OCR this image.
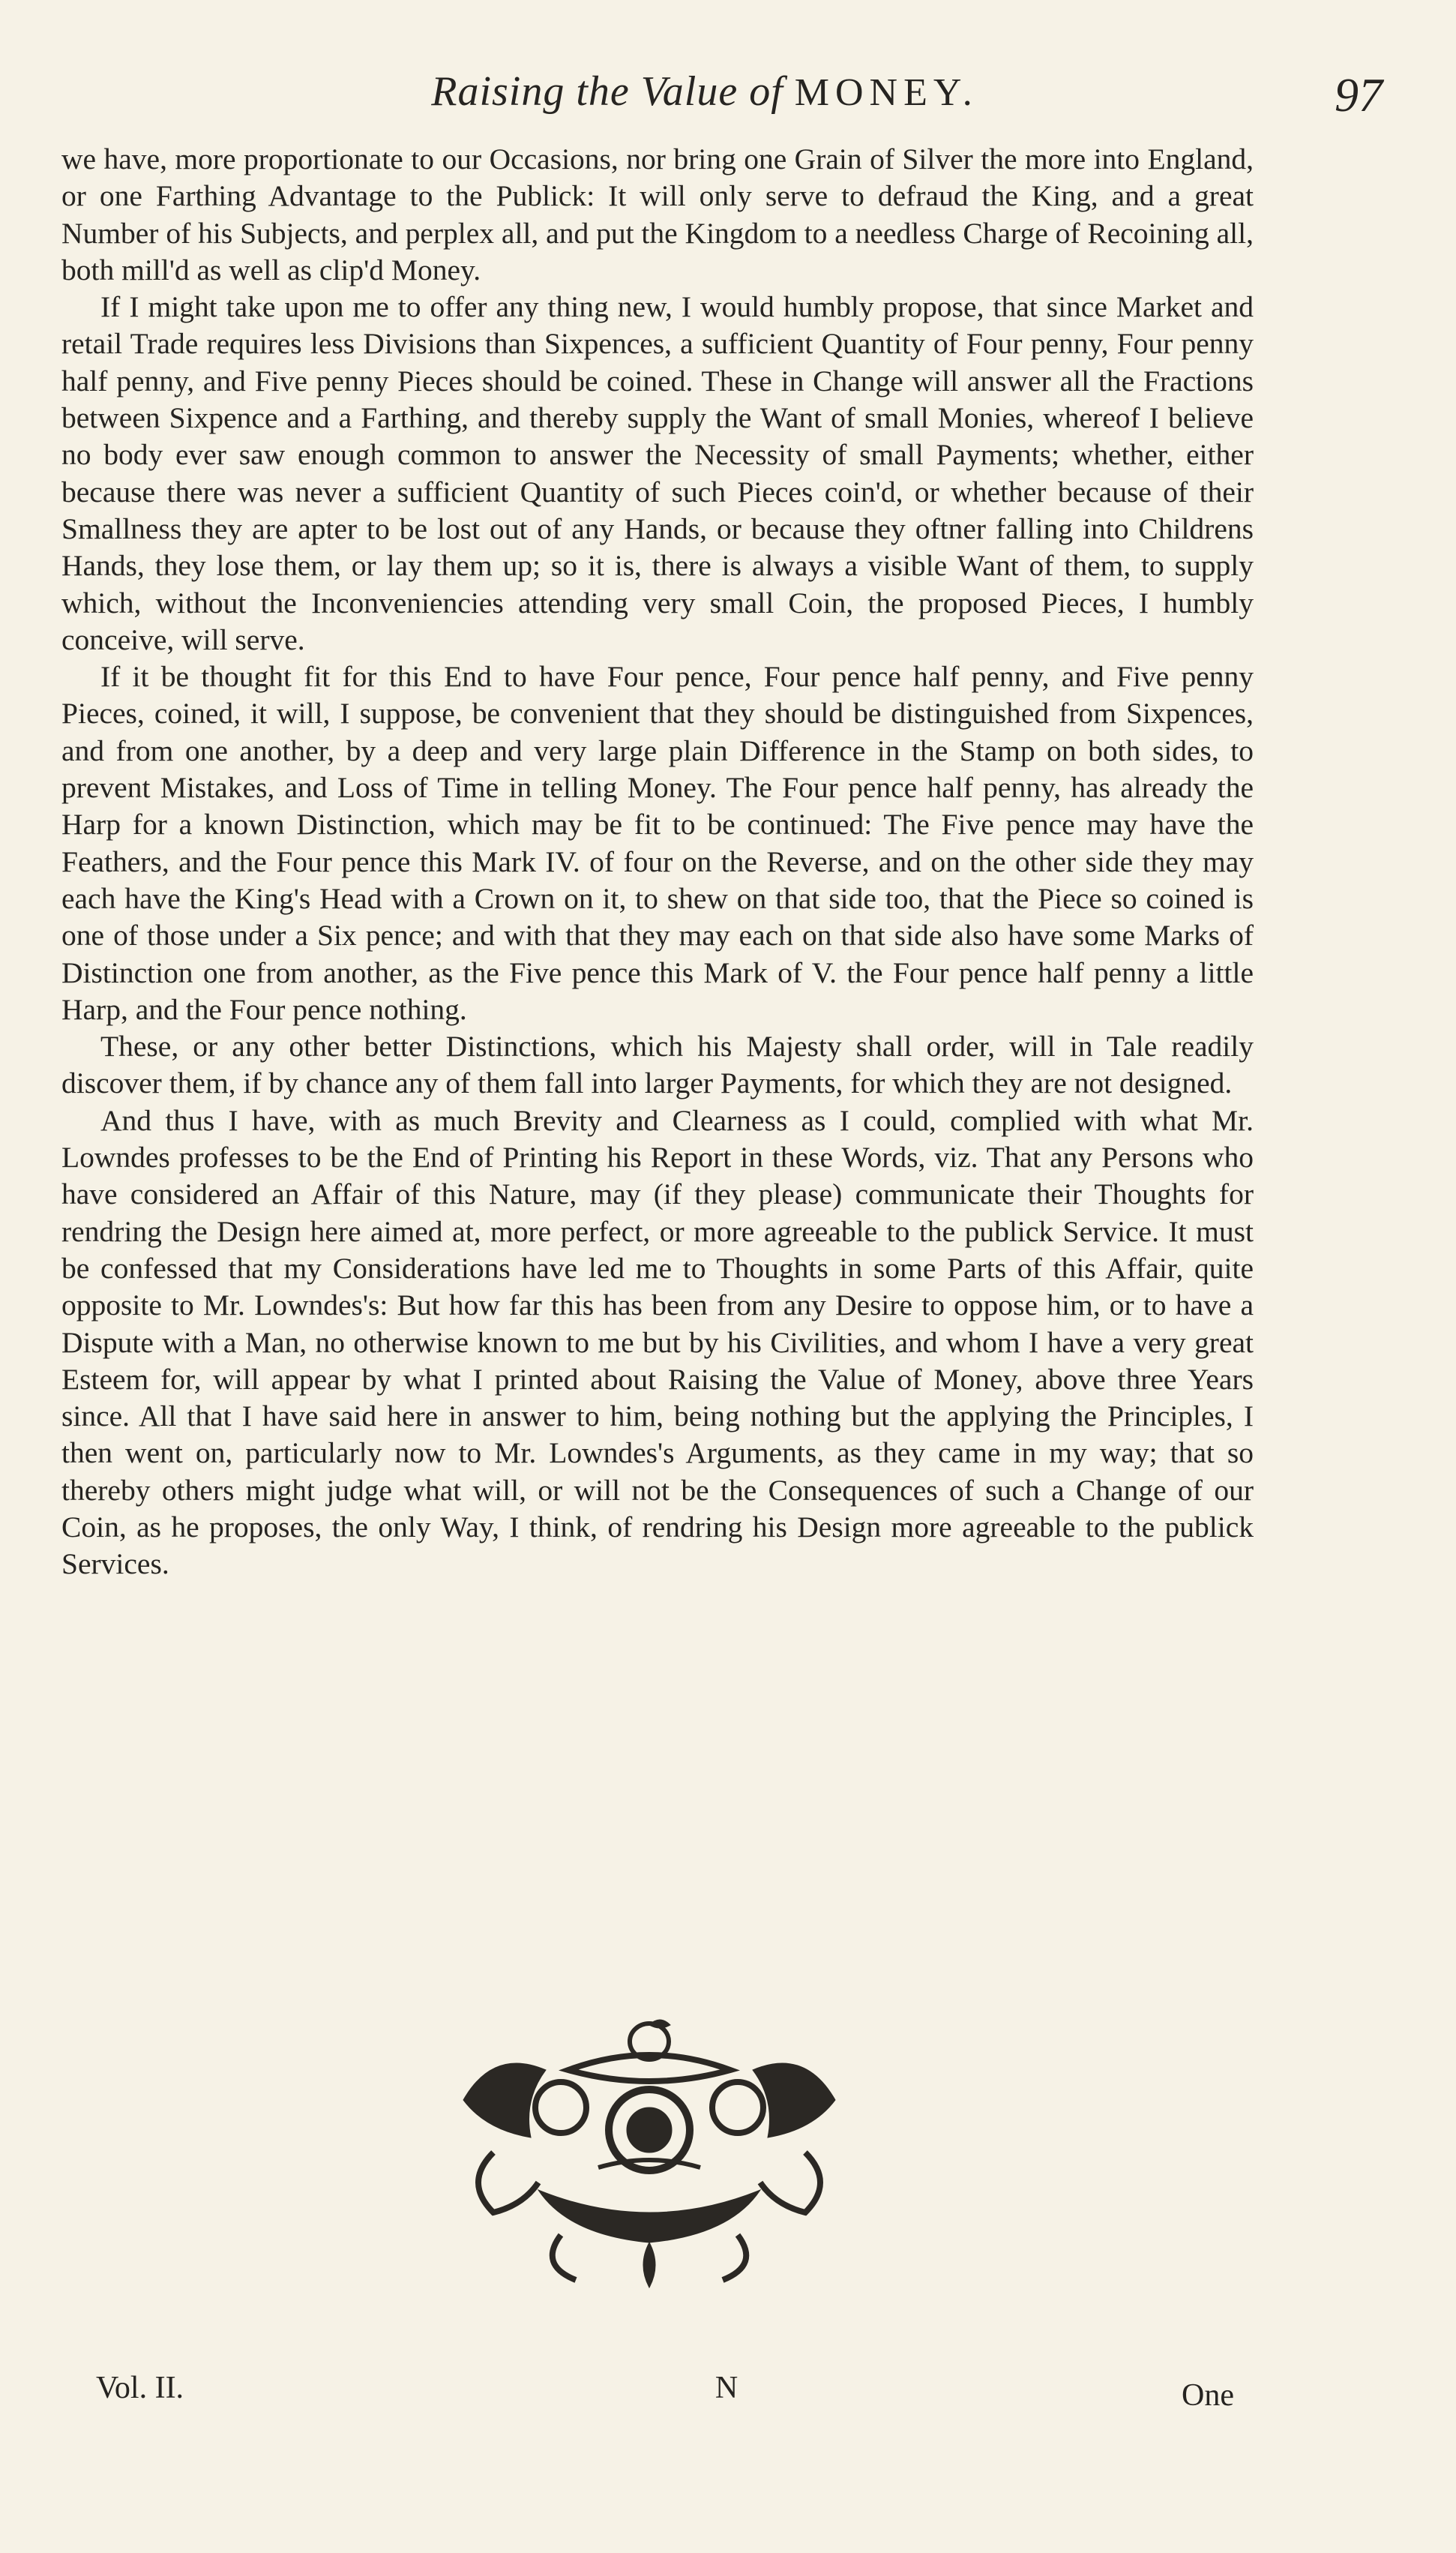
Raising the Value of MONEY.	97

we have, more proportionate to our Occasions, nor bring one Grain of Silver the more into England, or one Farthing Advantage to the Publick: It will only serve to defraud the King, and a great Number of his Subjects, and perplex all, and put the Kingdom to a needless Charge of Recoining all, both mill'd as well as clip'd Money.

If I might take upon me to offer any thing new, I would humbly propose, that since Market and retail Trade requires less Divisions than Sixpences, a sufficient Quantity of Four penny, Four penny half penny, and Five penny Pieces should be coined. These in Change will answer all the Fractions between Sixpence and a Farthing, and thereby supply the Want of small Monies, whereof I believe no body ever saw enough common to answer the Necessity of small Payments; whether, either because there was never a sufficient Quantity of such Pieces coin'd, or whether because of their Smallness they are apter to be lost out of any Hands, or because they oftner falling into Childrens Hands, they lose them, or lay them up; so it is, there is always a visible Want of them, to supply which, without the Inconveniencies attending very small Coin, the proposed Pieces, I humbly conceive, will serve.

If it be thought fit for this End to have Four pence, Four pence half penny, and Five penny Pieces, coined, it will, I suppose, be convenient that they should be distinguished from Sixpences, and from one another, by a deep and very large plain Difference in the Stamp on both sides, to prevent Mistakes, and Loss of Time in telling Money. The Four pence half penny, has already the Harp for a known Distinction, which may be fit to be continued: The Five pence may have the Feathers, and the Four pence this Mark IV. of four on the Reverse, and on the other side they may each have the King's Head with a Crown on it, to shew on that side too, that the Piece so coined is one of those under a Six pence; and with that they may each on that side also have some Marks of Distinction one from another, as the Five pence this Mark of V. the Four pence half penny a little Harp, and the Four pence nothing.

These, or any other better Distinctions, which his Majesty shall order, will in Tale readily discover them, if by chance any of them fall into larger Payments, for which they are not designed.

And thus I have, with as much Brevity and Clearness as I could, complied with what Mr. Lowndes professes to be the End of Printing his Report in these Words, viz. That any Persons who have considered an Affair of this Nature, may (if they please) communicate their Thoughts for rendring the Design here aimed at, more perfect, or more agreeable to the publick Service. It must be confessed that my Considerations have led me to Thoughts in some Parts of this Affair, quite opposite to Mr. Lowndes's: But how far this has been from any Desire to oppose him, or to have a Dispute with a Man, no otherwise known to me but by his Civilities, and whom I have a very great Esteem for, will appear by what I printed about Raising the Value of Money, above three Years since. All that I have said here in answer to him, being nothing but the applying the Principles, I then went on, particularly now to Mr. Lowndes's Arguments, as they came in my way; that so thereby others might judge what will, or will not be the Consequences of such a Change of our Coin, as he proposes, the only Way, I think, of rendring his Design more agreeable to the publick Services.

Vol. II.	N	One
